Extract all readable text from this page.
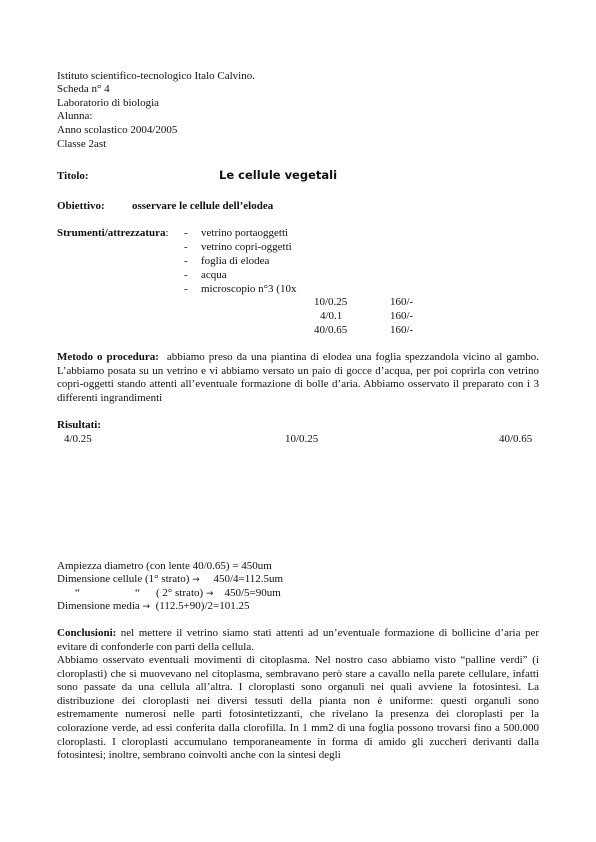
Istituto scientifico-tecnologico Italo Calvino.
Scheda n° 4
Laboratorio di biologia
Alunna:
Anno scolastico 2004/2005
Classe 2ast
Titolo:	Le cellule vegetali
Obiettivo: osservare le cellule dell’elodea
Strumenti/attrezzatura: - vetrino portaoggetti
- vetrino copri-oggetti
- foglia di elodea
- acqua
- microscopio n°3 (10x
10/0.25	160/-
4/0.1	160/-
40/0.65	160/-
Metodo o procedura: abbiamo preso da una piantina di elodea una foglia spezzandola vicino al gambo. L’abbiamo posata su un vetrino e vi abbiamo versato un paio di gocce d’acqua, per poi coprirla con vetrino copri-oggetti stando attenti all’eventuale formazione di bolle d’aria. Abbiamo osservato il preparato con i 3 differenti ingrandimenti
Risultati:
4/0.25	10/0.25	40/0.65
Ampiezza diametro (con lente 40/0.65) = 450um
Dimensione cellule (1° strato) → 450/4=112.5um
“	“ ( 2° strato) → 450/5=90um
Dimensione media → (112.5+90)/2=101.25
Conclusioni: nel mettere il vetrino siamo stati attenti ad un’eventuale formazione di bollicine d’aria per evitare di confonderle con parti della cellula.
Abbiamo osservato eventuali movimenti di citoplasma. Nel nostro caso abbiamo visto “palline verdi” (i cloroplasti) che si muovevano nel citoplasma, sembravano però stare a cavallo nella parete cellulare, infatti sono passate da una cellula all’altra. I cloroplasti sono organuli nei quali avviene la fotosintesi. La distribuzione dei cloroplasti nei diversi tessuti della pianta non è uniforme: questi organuli sono estremamente numerosi nelle parti fotosintetizzanti, che rivelano la presenza dei cloroplasti per la colorazione verde, ad essi conferita dalla clorofilla. In 1 mm2 di una foglia possono trovarsi fino a 500.000 cloroplasti. I cloroplasti accumulano temporaneamente in forma di amido gli zuccheri derivanti dalla fotosintesi; inoltre, sembrano coinvolti anche con la sintesi degli
